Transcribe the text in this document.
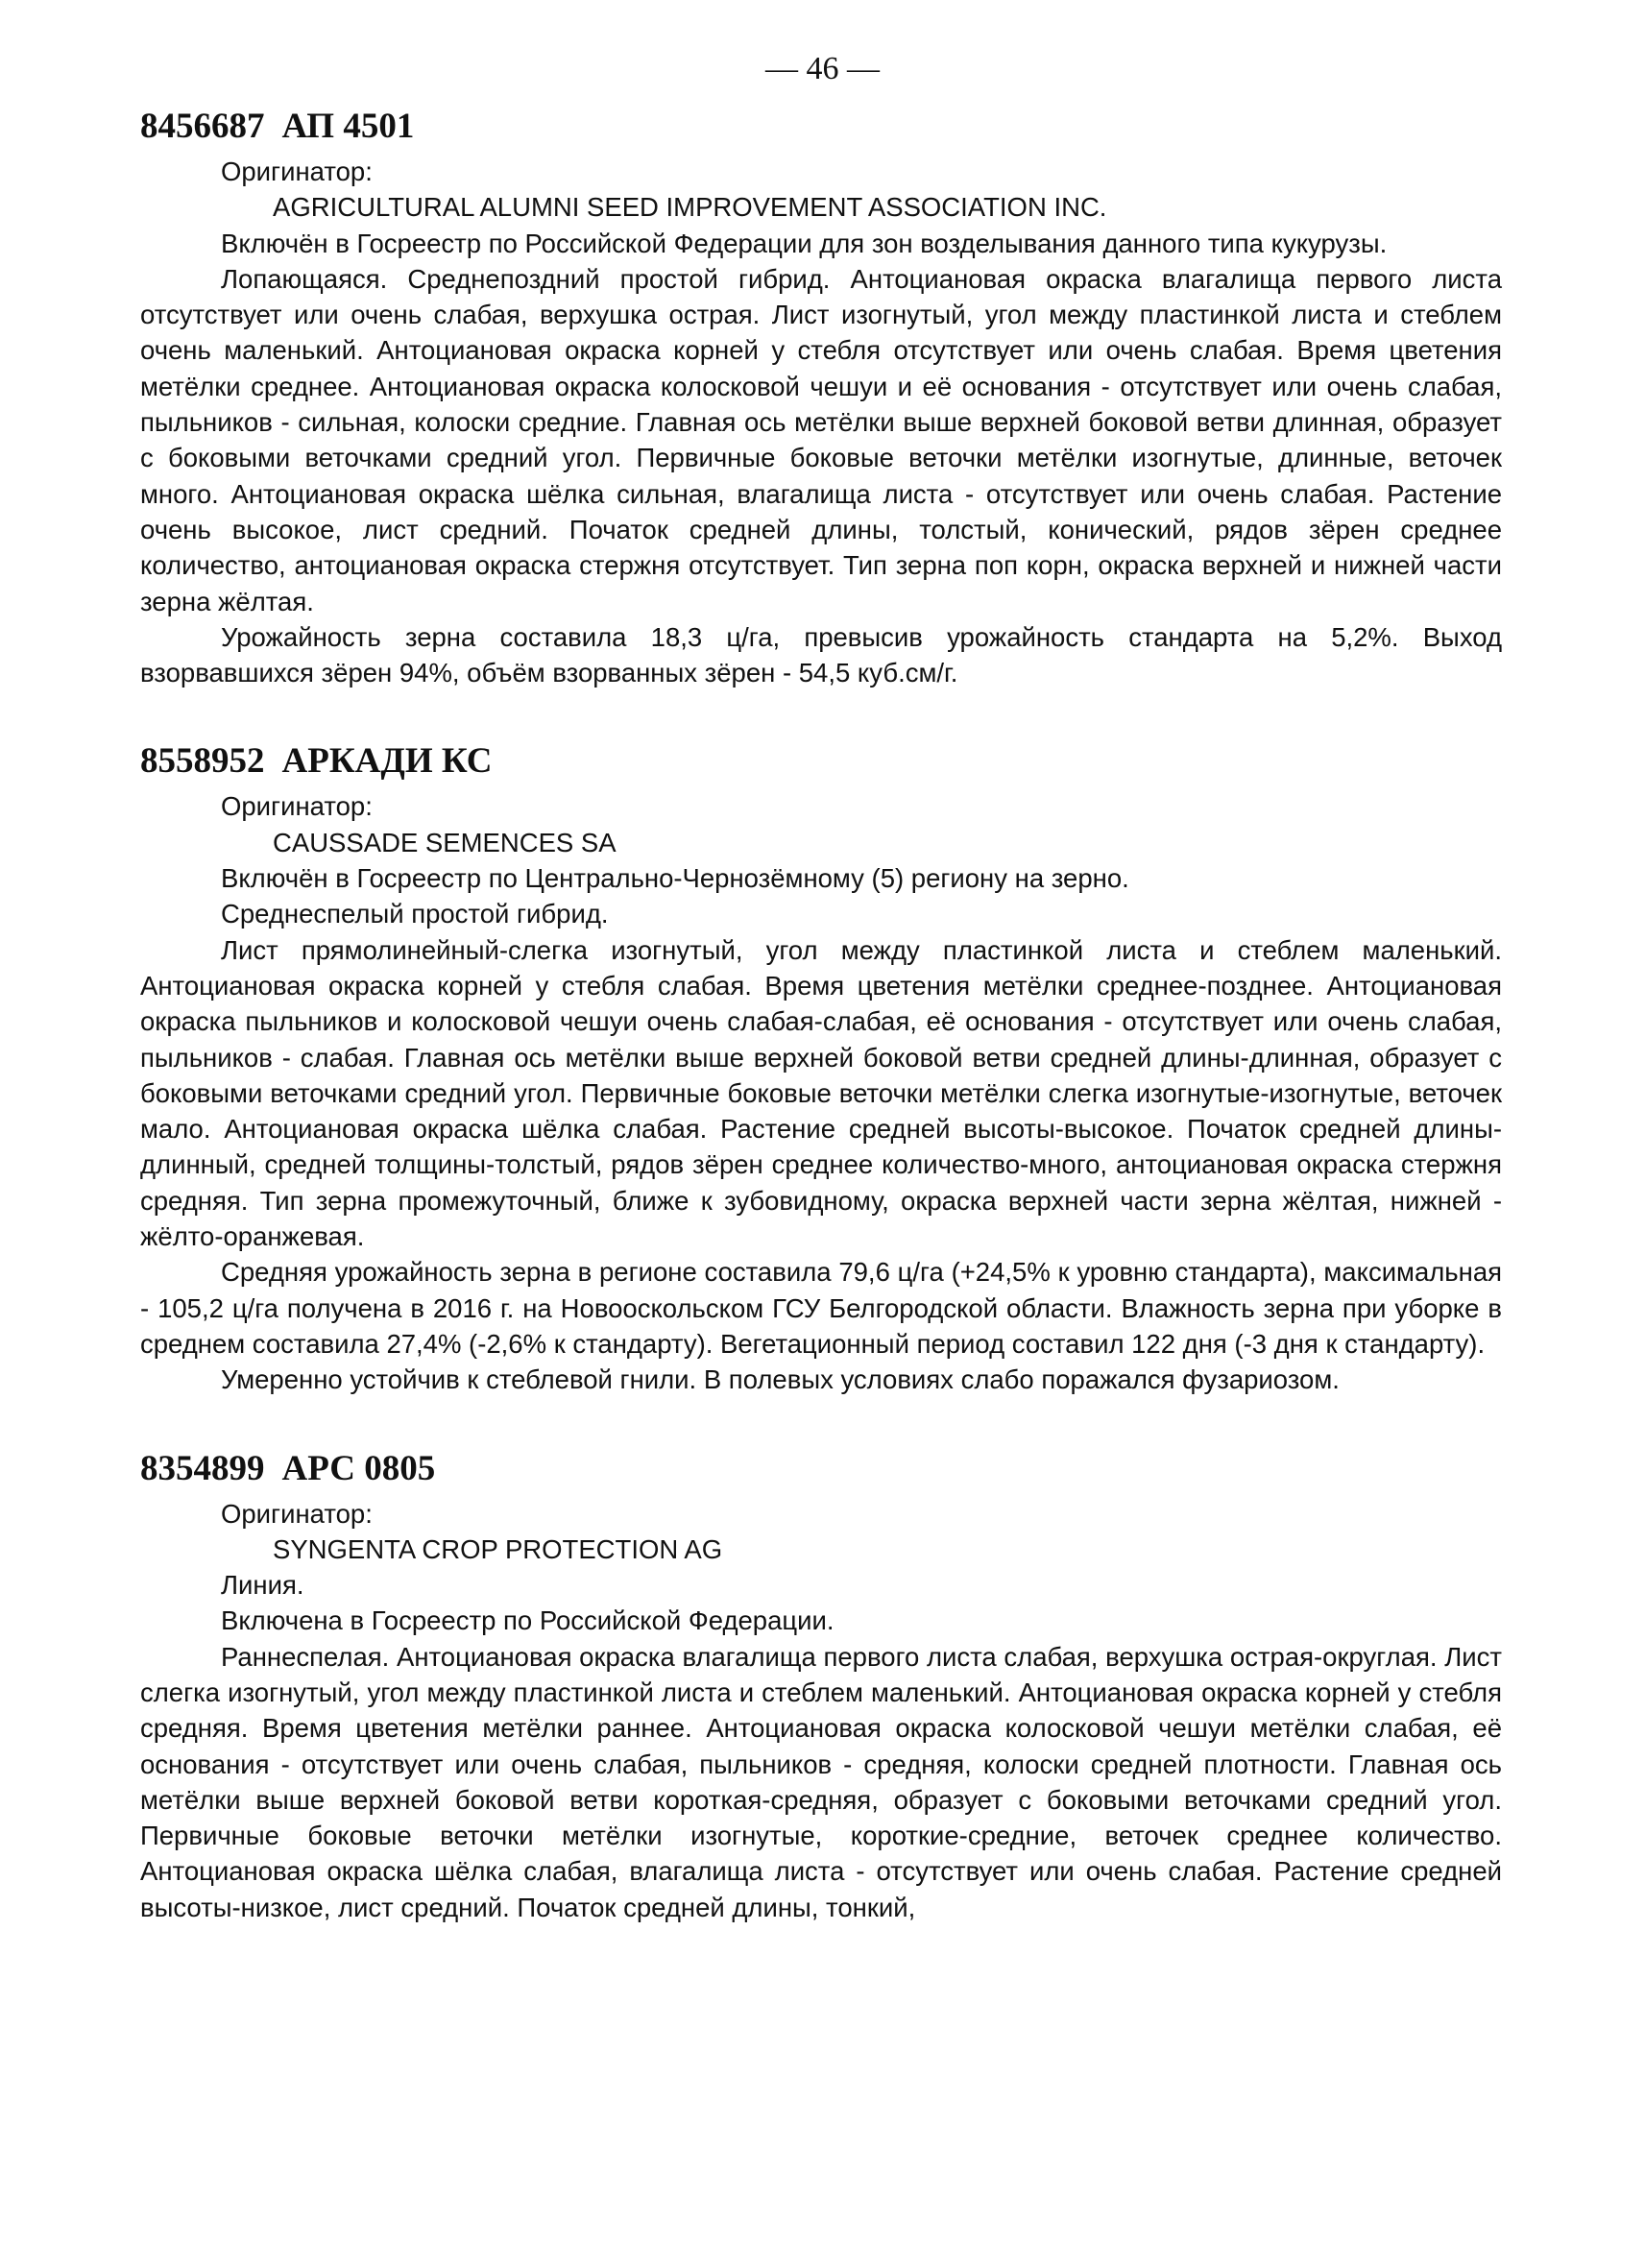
— 46 —
8456687 АП 4501

Оригинатор:

AGRICULTURAL ALUMNI SEED IMPROVEMENT ASSOCIATION INC.

Включён в Госреестр по Российской Федерации для зон возделывания данного типа кукурузы.

Лопающаяся. Среднепоздний простой гибрид. Антоциановая окраска влагалища первого листа отсутствует или очень слабая, верхушка острая. Лист изогнутый, угол между пластинкой листа и стеблем очень маленький. Антоциановая окраска корней у стебля отсутствует или очень слабая. Время цветения метёлки среднее. Антоциановая окраска колосковой чешуи и её основания - отсутствует или очень слабая, пыльников - сильная, колоски средние. Главная ось метёлки выше верхней боковой ветви длинная, образует с боковыми веточками средний угол. Первичные боковые веточки метёлки изогнутые, длинные, веточек много. Антоциановая окраска шёлка сильная, влагалища листа - отсутствует или очень слабая. Растение очень высокое, лист средний. Початок средней длины, толстый, конический, рядов зёрен среднее количество, антоциановая окраска стержня отсутствует. Тип зерна поп корн, окраска верхней и нижней части зерна жёлтая.

Урожайность зерна составила 18,3 ц/га, превысив урожайность стандарта на 5,2%. Выход взорвавшихся зёрен 94%, объём взорванных зёрен - 54,5 куб.см/г.

8558952 АРКАДИ КС

Оригинатор:

CAUSSADE SEMENCES SA

Включён в Госреестр по Центрально-Чернозёмному (5) региону на зерно.

Среднеспелый простой гибрид.

Лист прямолинейный-слегка изогнутый, угол между пластинкой листа и стеблем маленький. Антоциановая окраска корней у стебля слабая. Время цветения метёлки среднее-позднее. Антоциановая окраска пыльников и колосковой чешуи очень слабая-слабая, её основания - отсутствует или очень слабая, пыльников - слабая. Главная ось метёлки выше верхней боковой ветви средней длины-длинная, образует с боковыми веточками средний угол. Первичные боковые веточки метёлки слегка изогнутые-изогнутые, веточек мало. Антоциановая окраска шёлка слабая. Растение средней высоты-высокое. Початок средней длины-длинный, средней толщины-толстый, рядов зёрен среднее количество-много, антоциановая окраска стержня средняя. Тип зерна промежуточный, ближе к зубовидному, окраска верхней части зерна жёлтая, нижней - жёлто-оранжевая.

Средняя урожайность зерна в регионе составила 79,6 ц/га (+24,5% к уровню стандарта), максимальная - 105,2 ц/га получена в 2016 г. на Новооскольском ГСУ Белгородской области. Влажность зерна при уборке в среднем составила 27,4% (-2,6% к стандарту). Вегетационный период составил 122 дня (-3 дня к стандарту).

Умеренно устойчив к стеблевой гнили. В полевых условиях слабо поражался фузариозом.

8354899 АРС 0805

Оригинатор:

SYNGENTA CROP PROTECTION AG

Линия.

Включена в Госреестр по Российской Федерации.

Раннеспелая. Антоциановая окраска влагалища первого листа слабая, верхушка острая-округлая. Лист слегка изогнутый, угол между пластинкой листа и стеблем маленький. Антоциановая окраска корней у стебля средняя. Время цветения метёлки раннее. Антоциановая окраска колосковой чешуи метёлки слабая, её основания - отсутствует или очень слабая, пыльников - средняя, колоски средней плотности. Главная ось метёлки выше верхней боковой ветви короткая-средняя, образует с боковыми веточками средний угол. Первичные боковые веточки метёлки изогнутые, короткие-средние, веточек среднее количество. Антоциановая окраска шёлка слабая, влагалища листа - отсутствует или очень слабая. Растение средней высоты-низкое, лист средний. Початок средней длины, тонкий,
